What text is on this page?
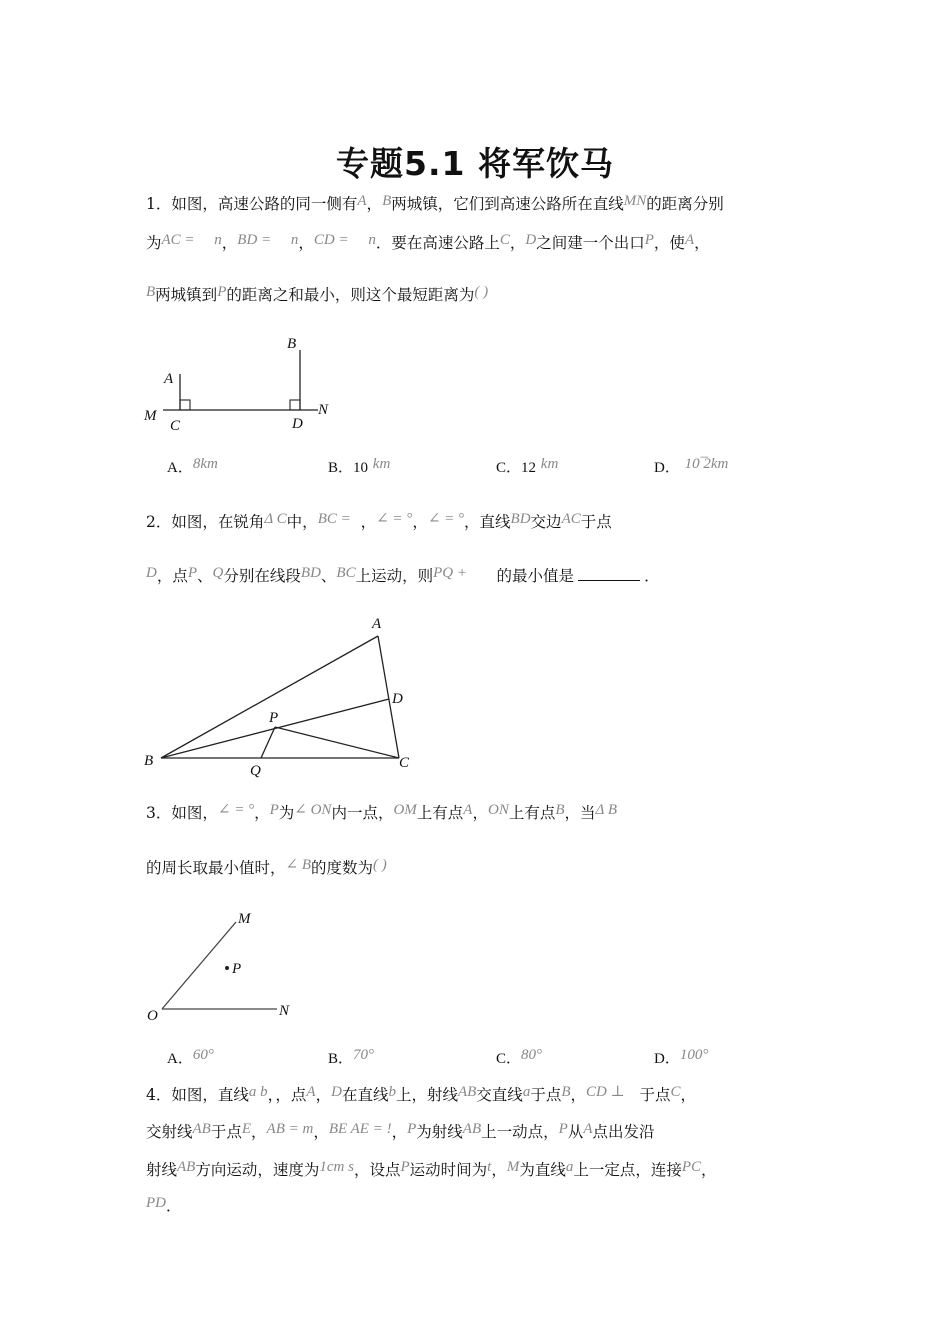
专题5.1 将军饮马
1．如图，高速公路的同一侧有A，B两城镇，它们到高速公路所在直线MN的距离分别
为AC = n，BD = n，CD = n．要在高速公路上C，D之间建一个出口P，使A，
B两城镇到P的距离之和最小，则这个最短距离为( )
A
B
M
C	D
N
A．8km	B．10 km	C．12 km	D． 10 ̅2km
2．如图，在锐角Δ C中，BC = ，∠ = °，∠ = °，直线BD交边AC于点
D，点P、Q分别在线段BD、BC上运动，则PQ + 的最小值是	．
A
D
P
B
Q	C
3．如图，∠ = °，P为∠ ON内一点，OM上有点A，ON上有点B，当Δ B
的周长取最小值时，∠ B的度数为( )
M
P
O	N
A．60°	B．70°	C．80°	D．100°
4．如图，直线a b，，点A，D在直线b上，射线AB交直线a于点B，CD ⊥ 于点C，
交射线AB于点E，AB = m，BE AE = !，P为射线AB上一动点，P从A点出发沿
射线AB方向运动，速度为1cm s，设点P运动时间为t，M为直线a上一定点，连接PC，
PD．
